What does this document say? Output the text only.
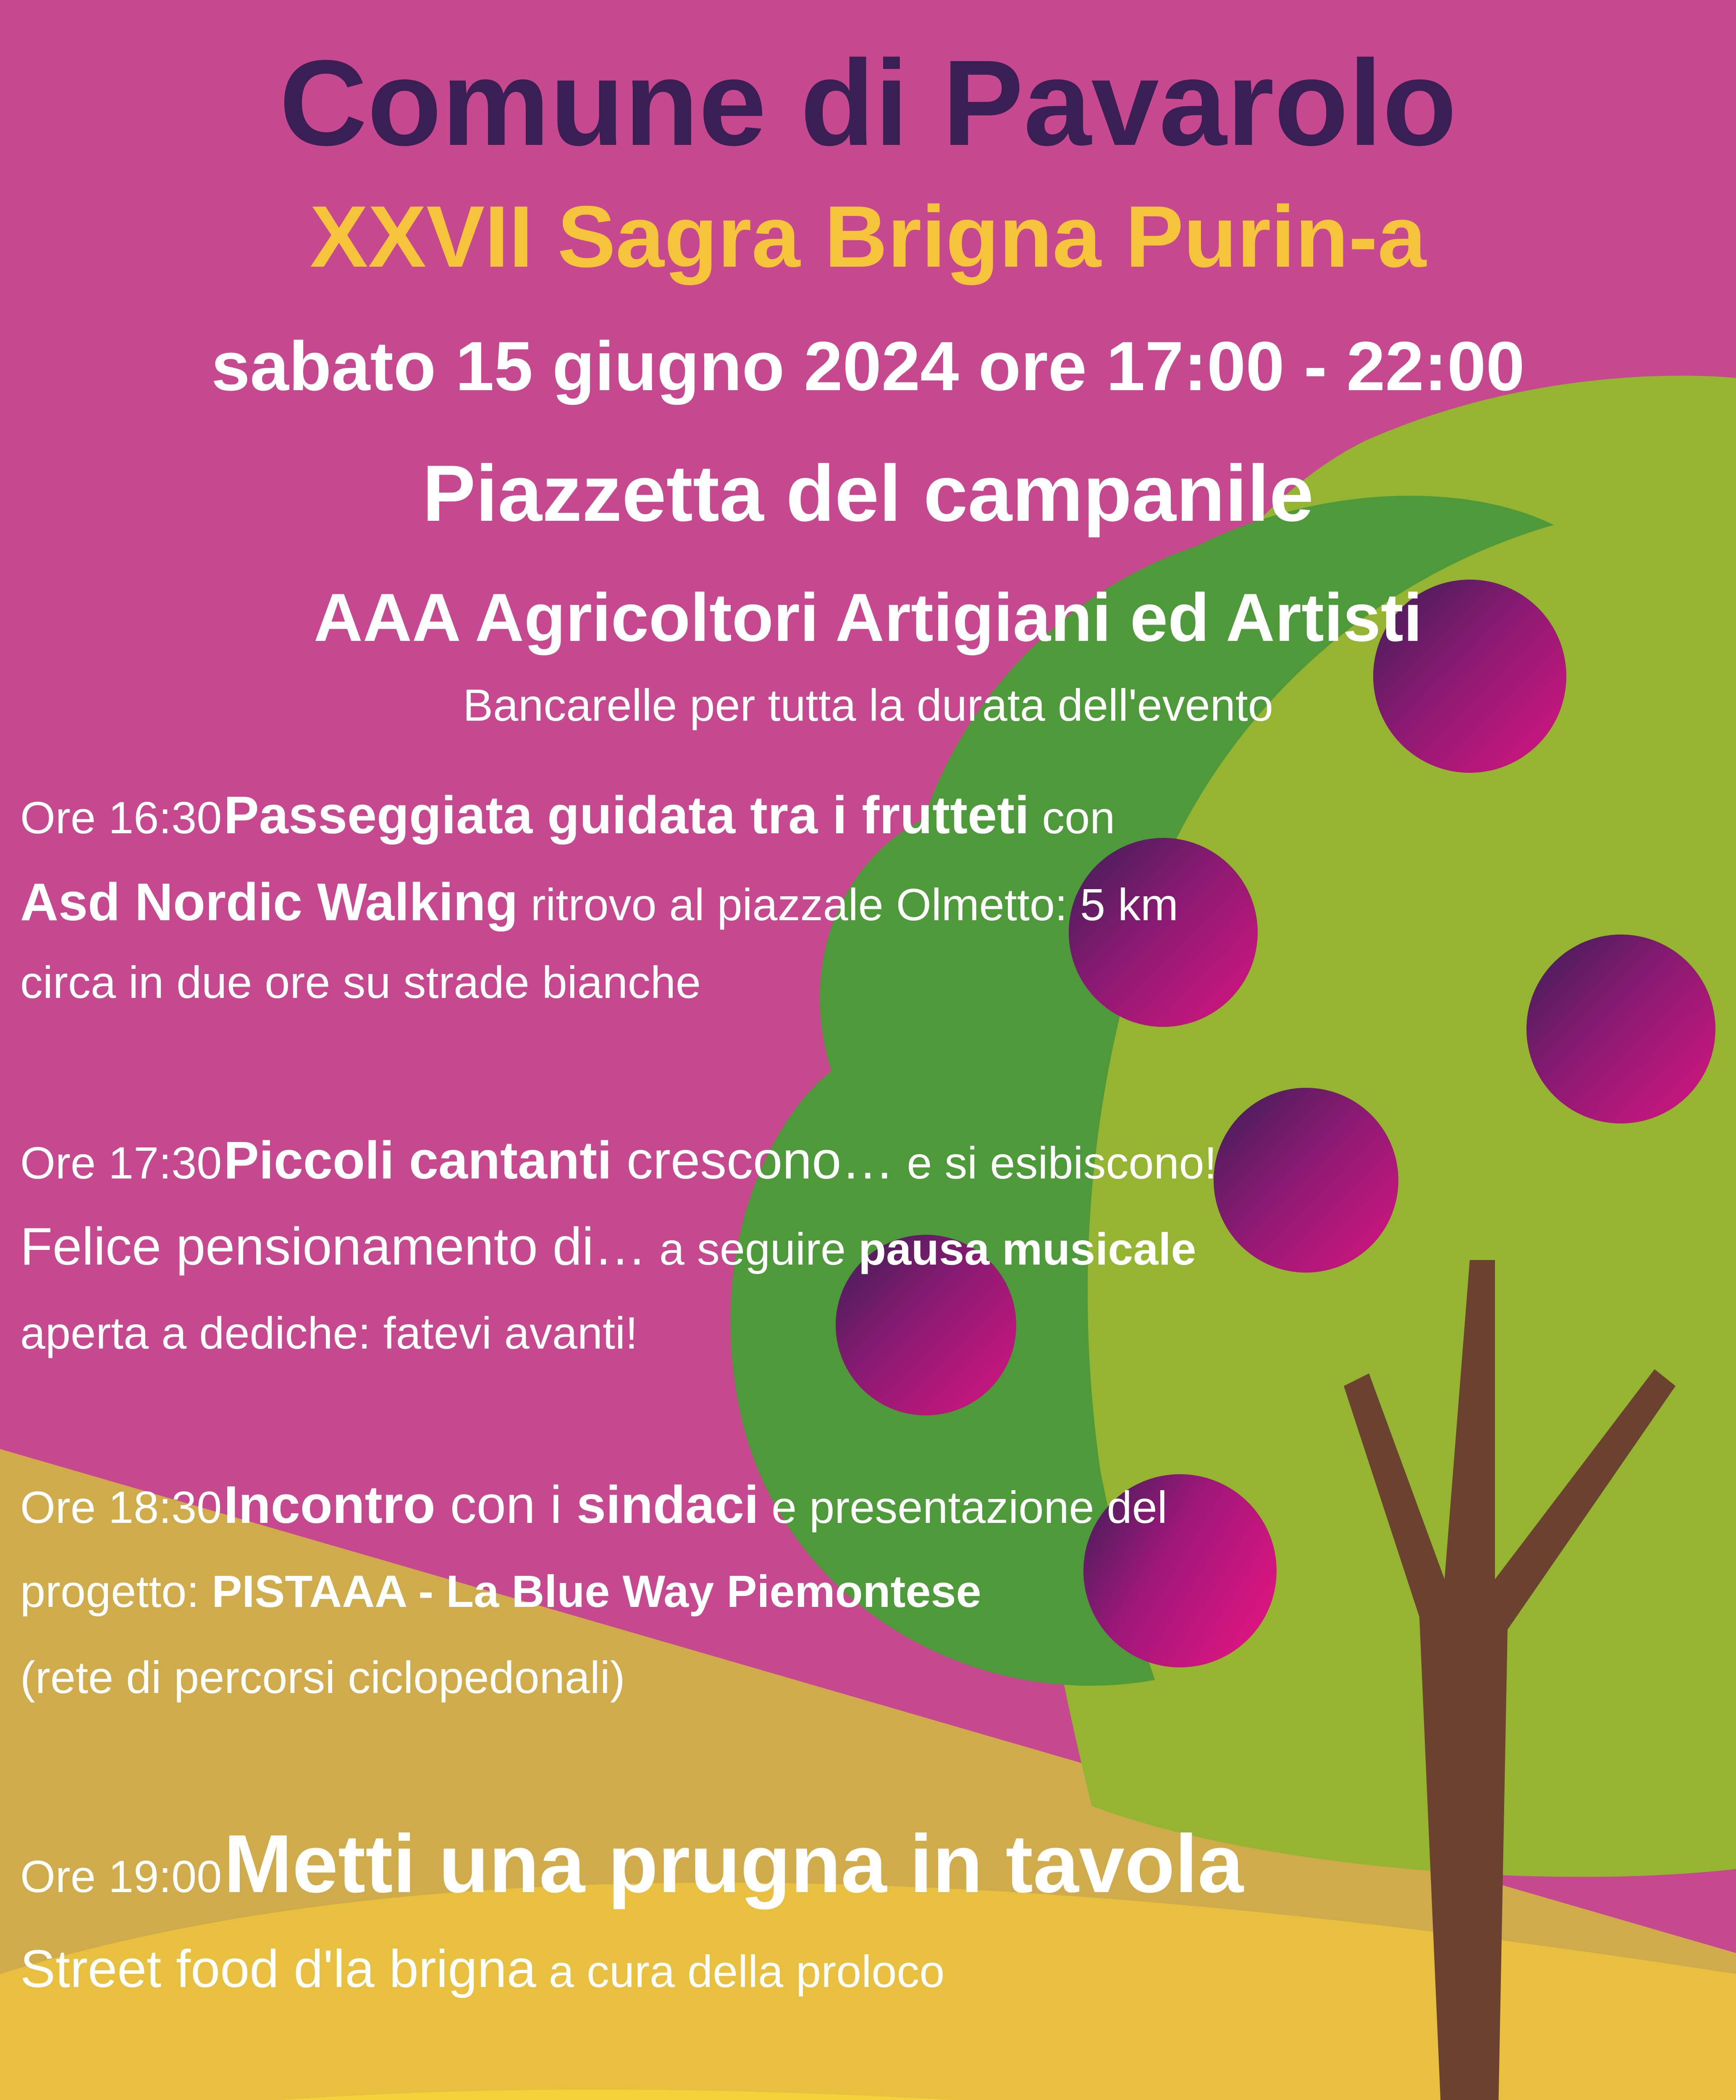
Comune di Pavarolo
XXVII Sagra Brigna Purin-a
sabato 15 giugno 2024 ore 17:00 - 22:00
Piazzetta del campanile
AAA Agricoltori Artigiani ed Artisti
Bancarelle per tutta la durata dell'evento
Ore 16:30 Passeggiata guidata tra i frutteti con
Asd Nordic Walking ritrovo al piazzale Olmetto: 5 km
circa in due ore su strade bianche
Ore 17:30 Piccoli cantanti crescono… e si esibiscono!
Felice pensionamento di… a seguire pausa musicale
aperta a dediche: fatevi avanti!
Ore 18:30 Incontro con i sindaci e presentazione del
progetto: PISTAAA - La Blue Way Piemontese
(rete di percorsi ciclopedonali)
Ore 19:00 Metti una prugna in tavola
Street food d'la brigna a cura della proloco
